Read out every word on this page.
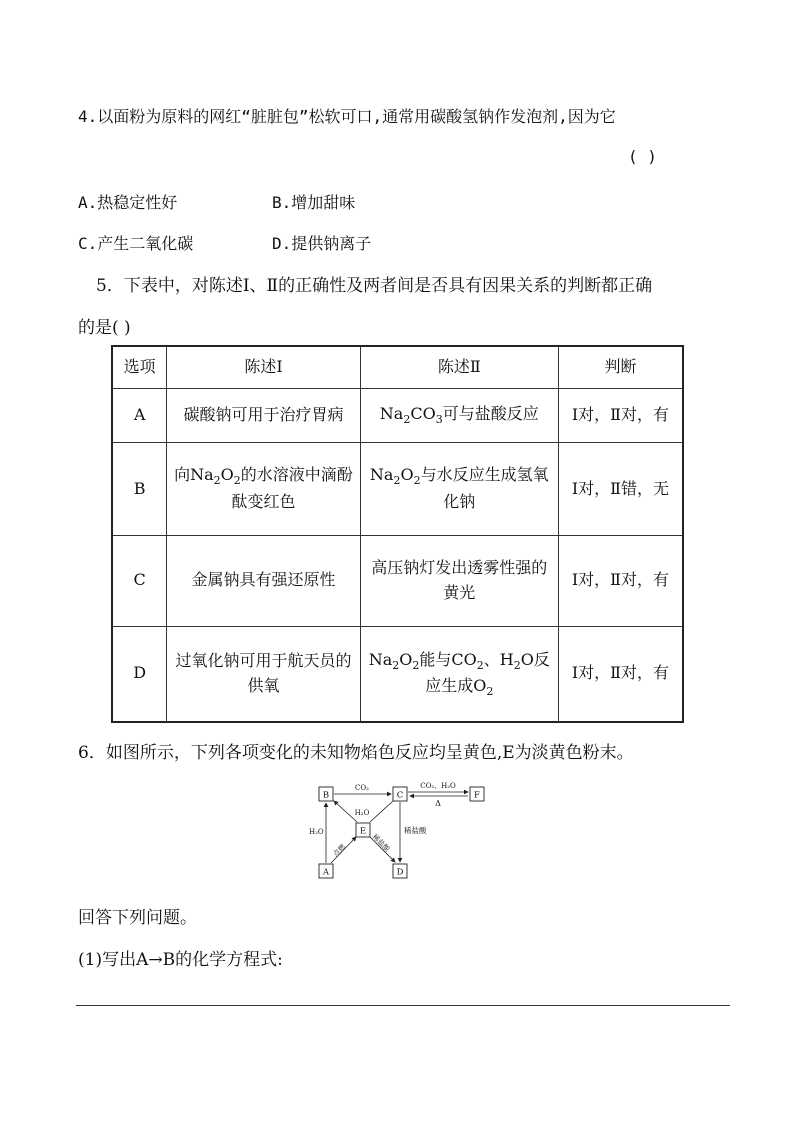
4.以面粉为原料的网红“脏脏包”松软可口,通常用碳酸氢钠作发泡剂,因为它
( )
A.热稳定性好	B.增加甜味
C.产生二氧化碳	D.提供钠离子
5．下表中，对陈述Ⅰ、Ⅱ的正确性及两者间是否具有因果关系的判断都正确
的是( )
选项	陈述Ⅰ	陈述Ⅱ	判断
A	碳酸钠可用于治疗胃病	$Na_2CO_3$可与盐酸反应	Ⅰ对，Ⅱ对，有
B	向$Na_2O_2$的水溶液中滴酚酞变红色	$Na_2O_2$与水反应生成氢氧化钠	Ⅰ对，Ⅱ错，无
C	金属钠具有强还原性	高压钠灯发出透雾性强的黄光	Ⅰ对，Ⅱ对，有
D	过氧化钠可用于航天员的供氧	$Na_2O_2$能与$CO_2$、$H_2O$反应生成$O_2$	Ⅰ对，Ⅱ对，有
6．如图所示，下列各项变化的未知物焰色反应均呈黄色,E为淡黄色粉末。
B	C	F
E
A	D
CO₂
H₂O
H₂O
CO₂、H₂O
Δ
稀盐酸
点燃	稀盐酸
回答下列问题。
(1)写出A→B的化学方程式:
